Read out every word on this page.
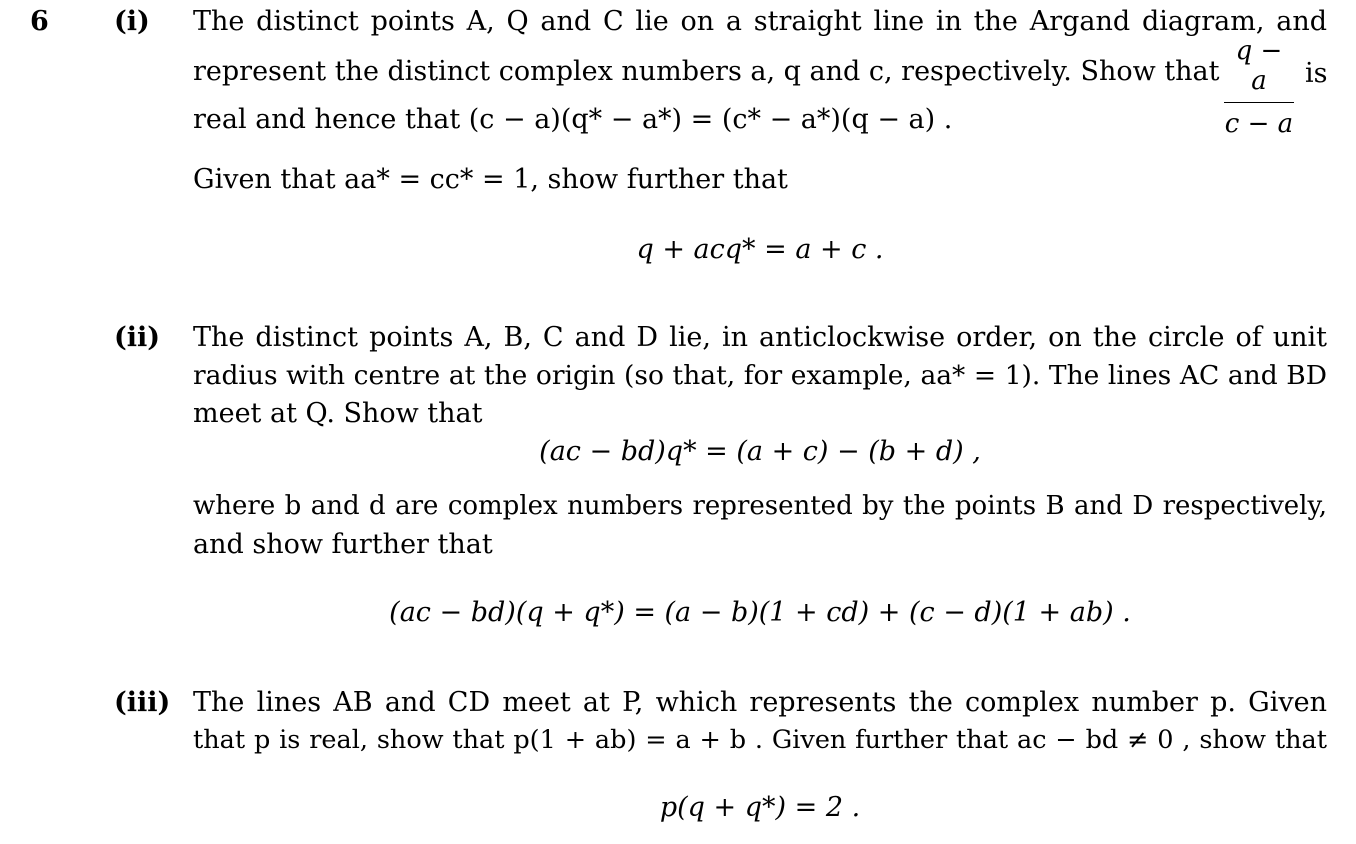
6 (i) The distinct points A, Q and C lie on a straight line in the Argand diagram, and
represent the distinct complex numbers a, q and c, respectively. Show that
q − a
c − a
is
real and hence that (c − a)(q* − a*) = (c* − a*)(q − a) .
Given that aa* = cc* = 1, show further that
q + acq* = a + c .
(ii) The distinct points A, B, C and D lie, in anticlockwise order, on the circle of unit
radius with centre at the origin (so that, for example, aa* = 1). The lines AC and BD
meet at Q. Show that
(ac − bd)q* = (a + c) − (b + d) ,
where b and d are complex numbers represented by the points B and D respectively,
and show further that
(ac − bd)(q + q*) = (a − b)(1 + cd) + (c − d)(1 + ab) .
(iii) The lines AB and CD meet at P, which represents the complex number p. Given
that p is real, show that p(1 + ab) = a + b . Given further that ac − bd ≠ 0 , show that
p(q + q*) = 2 .
